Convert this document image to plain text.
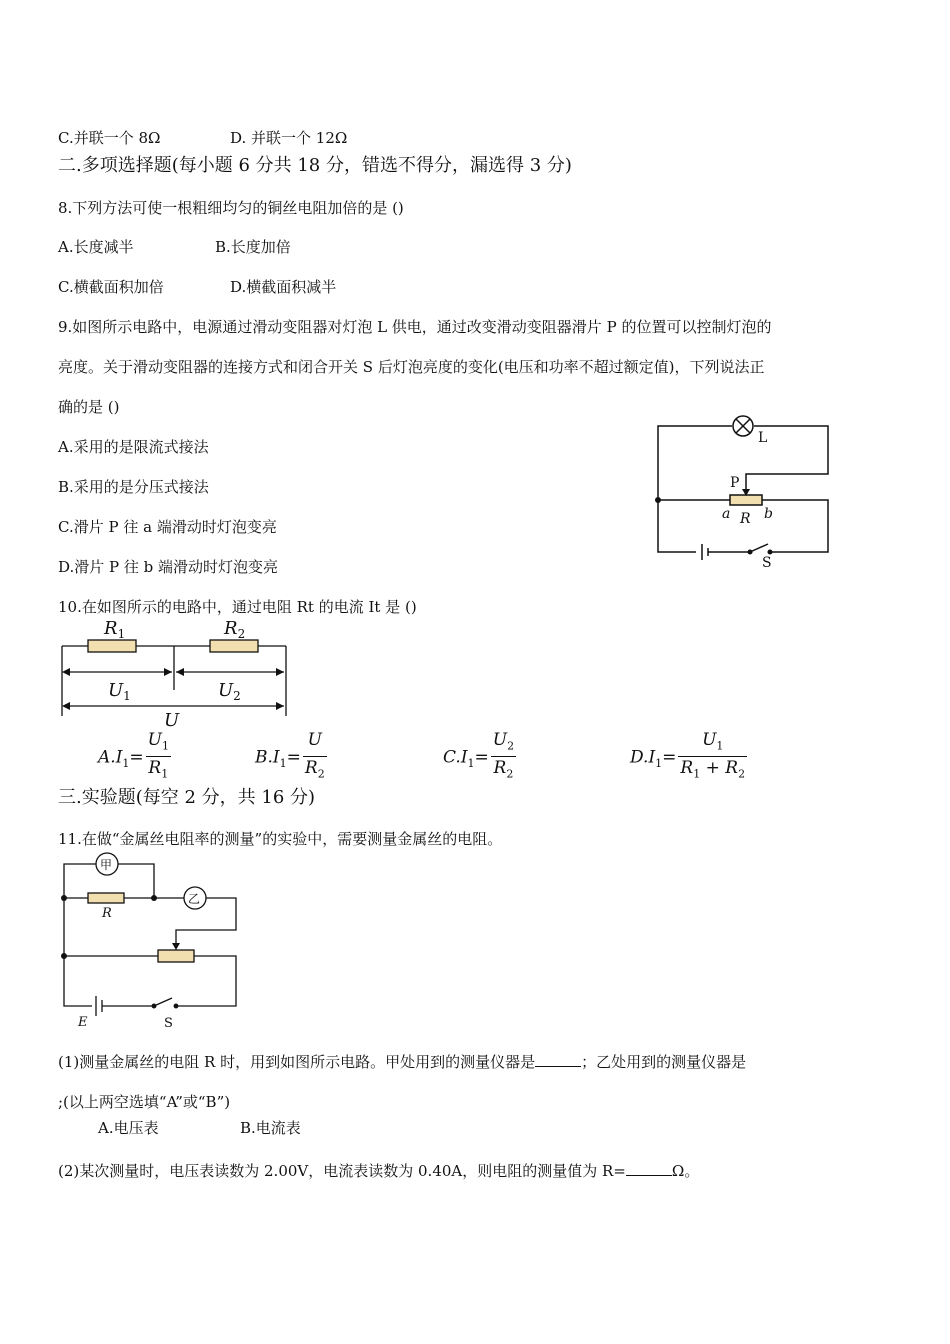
C.并联一个 8Ω	D. 并联一个 12Ω
二.多项选择题(每小题 6 分共 18 分，错选不得分，漏选得 3 分)
8.下列方法可使一根粗细均匀的铜丝电阻加倍的是 ()
A.长度减半	B.长度加倍
C.横截面积加倍	D.横截面积减半
9.如图所示电路中，电源通过滑动变阻器对灯泡 L 供电，通过改变滑动变阻器滑片 P 的位置可以控制灯泡的
亮度。关于滑动变阻器的连接方式和闭合开关 S 后灯泡亮度的变化(电压和功率不超过额定值)，下列说法正
确的是 ()
A.采用的是限流式接法
B.采用的是分压式接法
C.滑片 P 往 a 端滑动时灯泡变亮
D.滑片 P 往 b 端滑动时灯泡变亮
L
P
a R b
S
10.在如图所示的电路中，通过电阻 Rt 的电流 It 是 ()
$R_1$	$R_2$
$U_1$	$U_2$
U
$A.I_1= \frac{U_1}{R_1}$	$B.I_1= \frac{U}{R_2}$	$C.I_1= \frac{U_2}{R_2}$	$D.I_1= \frac{U_1}{R_1 + R_2}$
三.实验题(每空 2 分，共 16 分)
11.在做“金属丝电阻率的测量”的实验中，需要测量金属丝的电阻。
甲
乙
R
E	S
(1)测量金属丝的电阻 R 时，用到如图所示电路。甲处用到的测量仪器是	；乙处用到的测量仪器是
;(以上两空选填“A”或“B”)
A.电压表	B.电流表
(2)某次测量时，电压表读数为 2.00V，电流表读数为 0.40A，则电阻的测量值为 R=	Ω。
